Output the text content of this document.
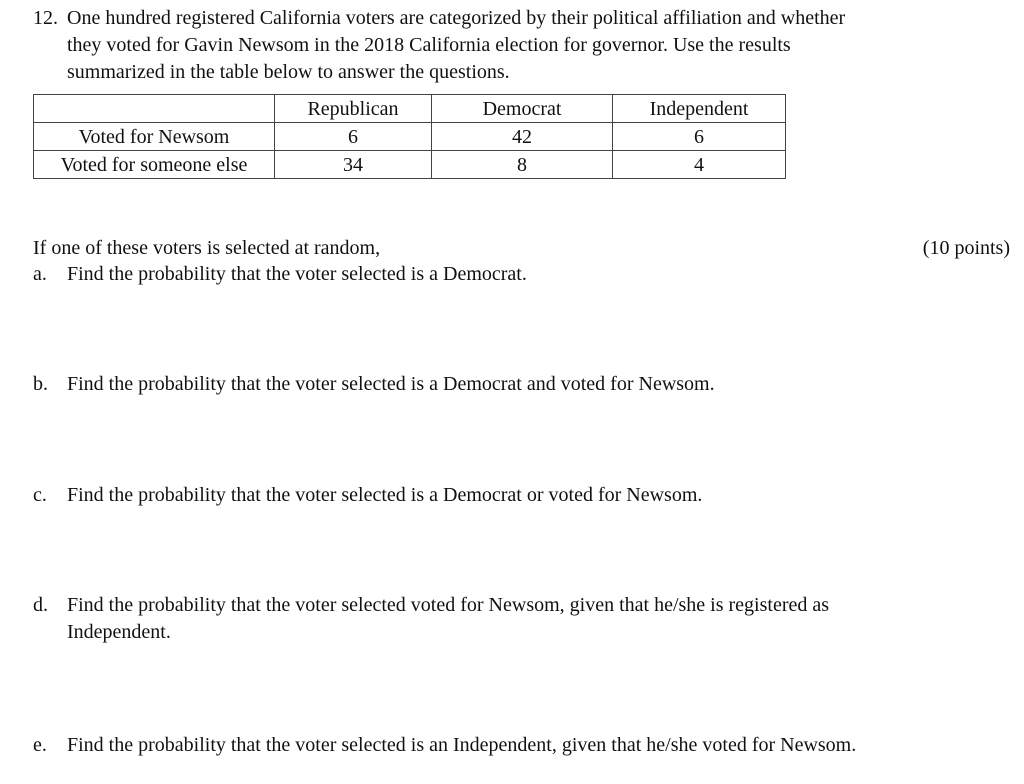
12. One hundred registered California voters are categorized by their political affiliation and whether
they voted for Gavin Newsom in the 2018 California election for governor. Use the results
summarized in the table below to answer the questions.
	Republican	Democrat	Independent
Voted for Newsom	6	42	6
Voted for someone else	34	8	4
If one of these voters is selected at random,	(10 points)
a.	Find the probability that the voter selected is a Democrat.
b. Find the probability that the voter selected is a Democrat and voted for Newsom.
c.	Find the probability that the voter selected is a Democrat or voted for Newsom.
d. Find the probability that the voter selected voted for Newsom, given that he/she is registered as
Independent.
e.	Find the probability that the voter selected is an Independent, given that he/she voted for Newsom.
